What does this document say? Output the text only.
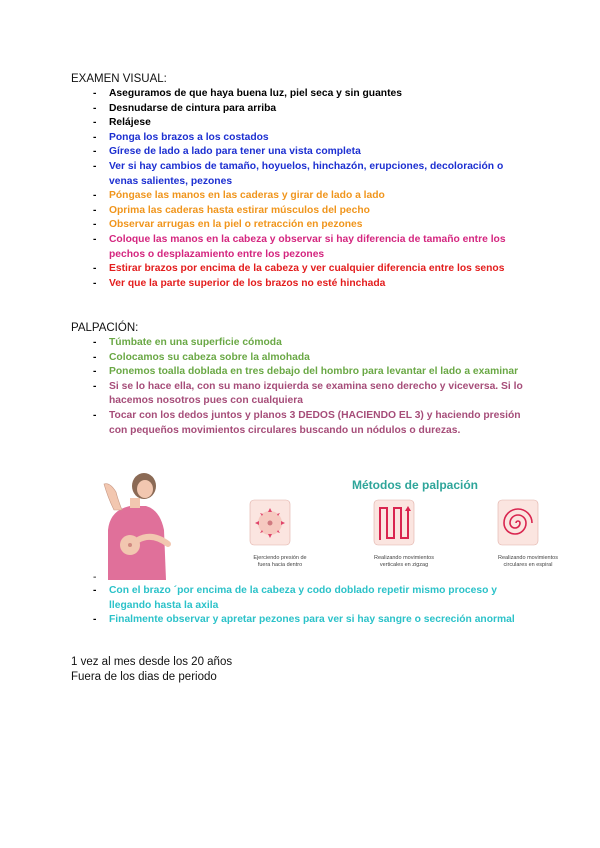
EXAMEN VISUAL:
- Aseguramos de que haya buena luz, piel seca y sin guantes
- Desnudarse de cintura para arriba
- Relájese
- Ponga los brazos a los costados
- Gírese de lado a lado para tener una vista completa
- Ver si hay cambios de tamaño, hoyuelos, hinchazón, erupciones, decoloración o venas salientes, pezones
- Póngase las manos en las caderas y girar de lado a lado
- Oprima las caderas hasta estirar músculos del pecho
- Observar arrugas en la piel o retracción en pezones
- Coloque las manos en la cabeza y observar si hay diferencia de tamaño entre los pechos o desplazamiento entre los pezones
- Estirar brazos por encima de la cabeza y ver cualquier diferencia entre los senos
- Ver que la parte superior de los brazos no esté hinchada
PALPACIÓN:
- Túmbate en una superficie cómoda
- Colocamos su cabeza sobre la almohada
- Ponemos toalla doblada en tres debajo del hombro para levantar el lado a examinar
- Si se lo hace ella, con su mano izquierda se examina seno derecho y viceversa. Si lo hacemos nosotros pues con cualquiera
- Tocar con los dedos juntos y planos 3 DEDOS (HACIENDO EL 3) y haciendo presión con pequeños movimientos circulares buscando un nódulos o durezas.
Métodos de palpación
Ejerciendo presión de fuera hacia dentro
Realizando movimientos verticales en zigzag
Realizando movimientos circulares en espiral
-
- Con el brazo ´por encima de la cabeza y codo doblado repetir mismo proceso y llegando hasta la axila
- Finalmente observar y apretar pezones para ver si hay sangre o secreción anormal
1 vez al mes desde los 20 años
Fuera de los dias de periodo
